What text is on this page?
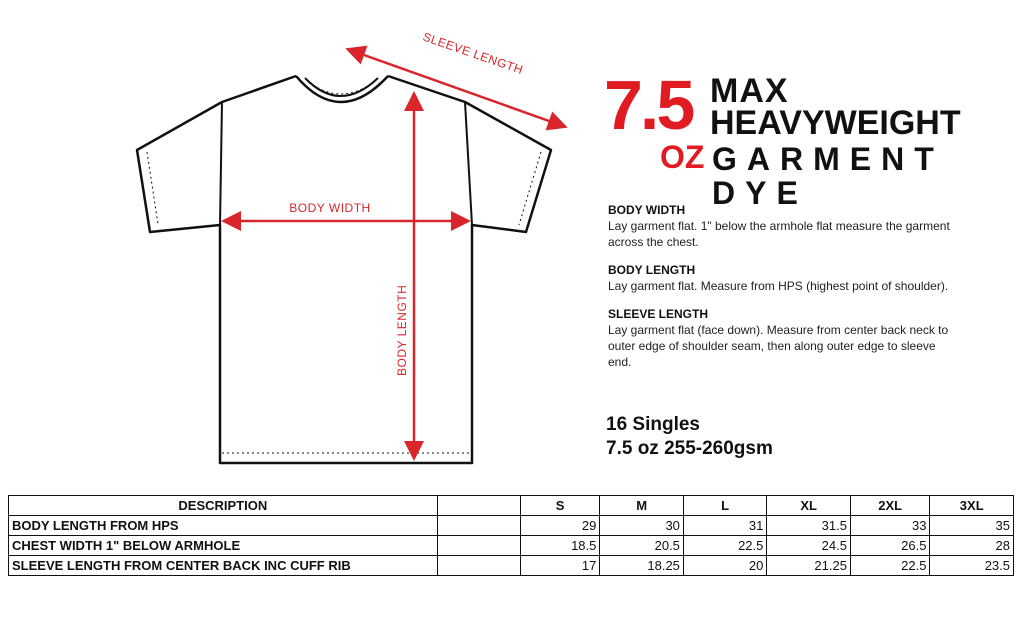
SLEEVE LENGTH
BODY WIDTH
BODY LENGTH
7.5
OZ
MAX
HEAVYWEIGHT
GARMENT DYE
BODY WIDTH
Lay garment flat. 1" below the armhole flat measure the garment across the chest.
BODY LENGTH
Lay garment flat. Measure from HPS (highest point of shoulder).
SLEEVE LENGTH
Lay garment flat (face down). Measure from center back neck to outer edge of shoulder seam, then along outer edge to sleeve end.
16 Singles
7.5 oz 255-260gsm
DESCRIPTION		S	M	L	XL	2XL	3XL
BODY LENGTH FROM HPS		29	30	31	31.5	33	35
CHEST WIDTH 1" BELOW ARMHOLE		18.5	20.5	22.5	24.5	26.5	28
SLEEVE LENGTH FROM CENTER BACK INC CUFF RIB		17	18.25	20	21.25	22.5	23.5
